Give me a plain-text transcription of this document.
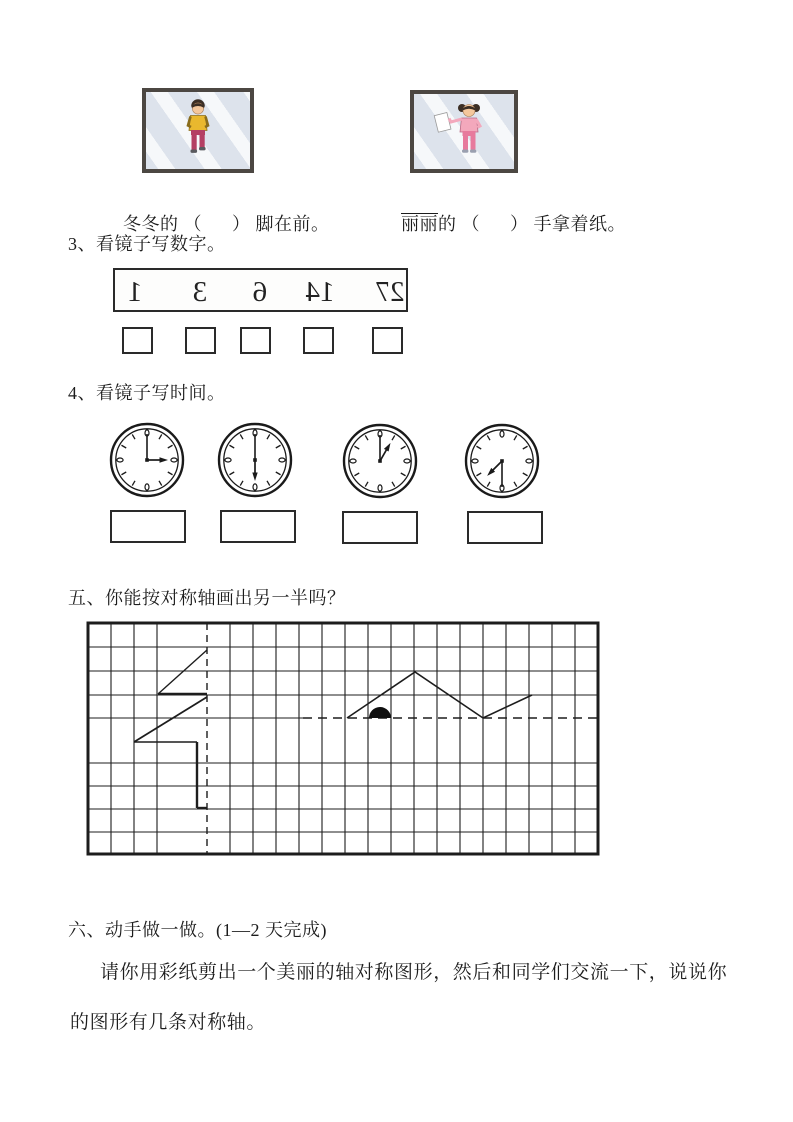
冬冬的 （      ） 脚在前。
	丽丽的 （      ） 手拿着纸。

3、看镜子写数字。
1	3	6	14 27
4、看镜子写时间。
五、你能按对称轴画出另一半吗？
六、动手做一做。(1—2 天完成)
请你用彩纸剪出一个美丽的轴对称图形，然后和同学们交流一下，说说你
的图形有几条对称轴。
